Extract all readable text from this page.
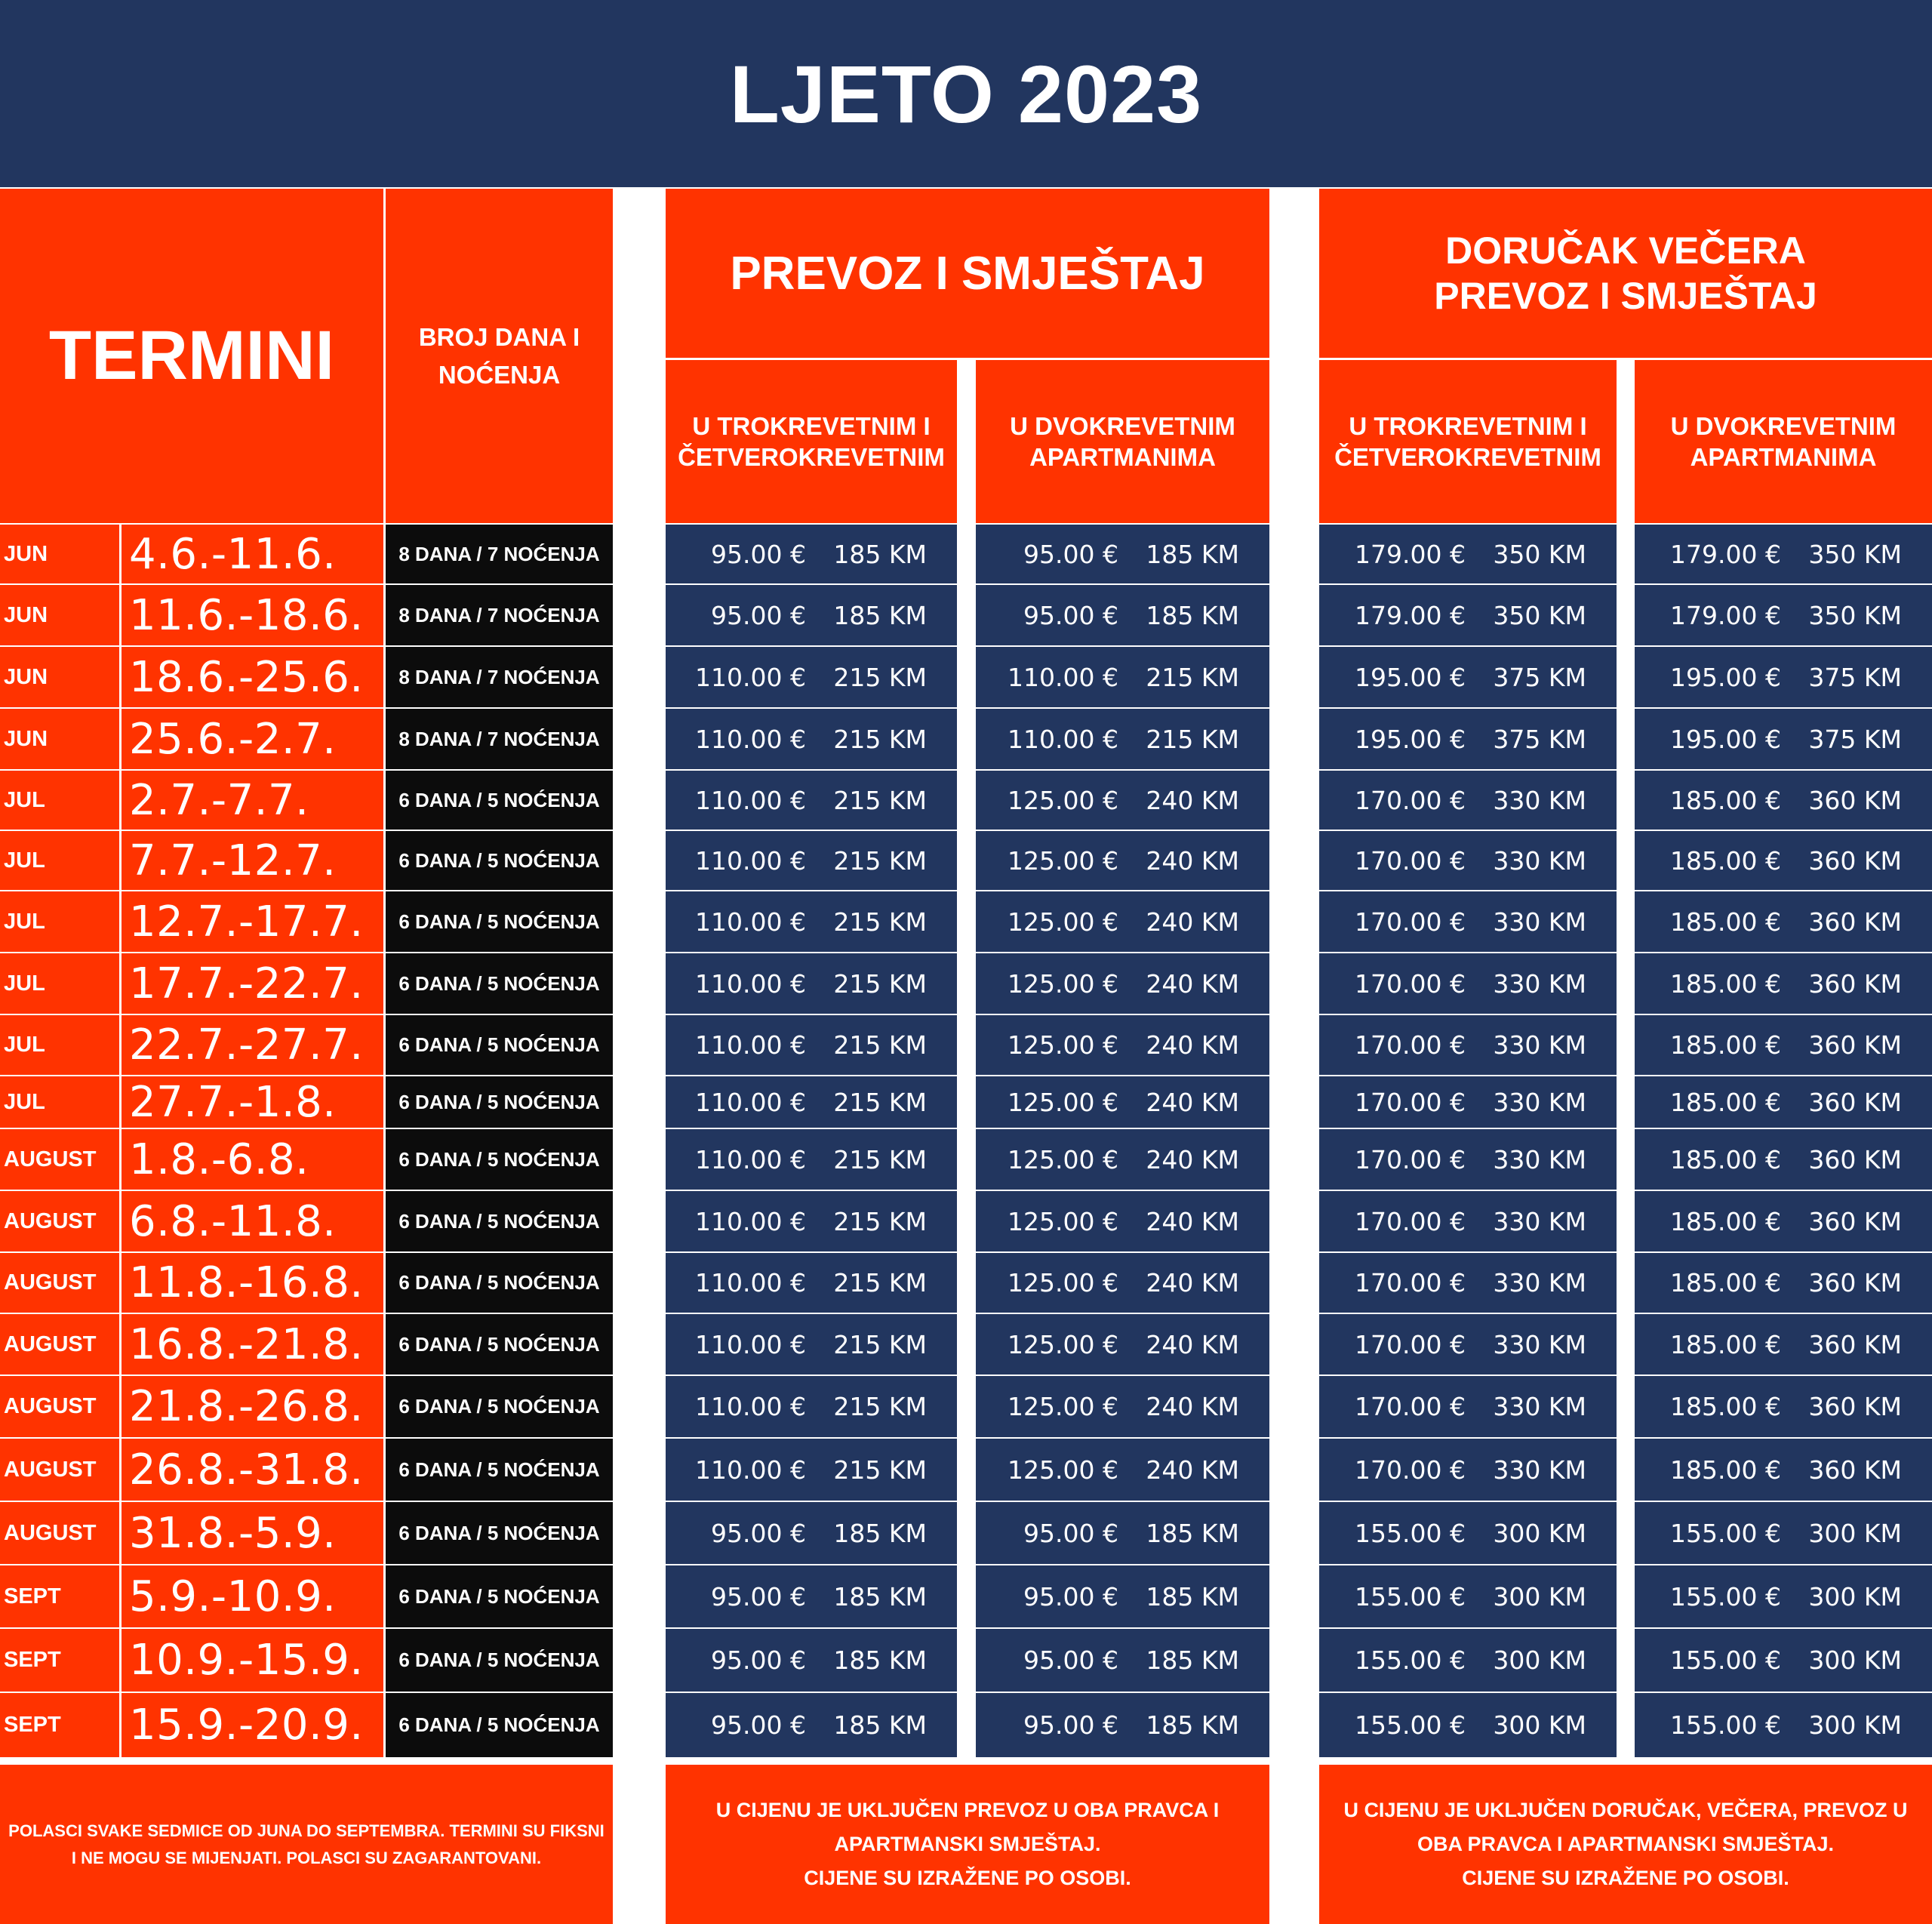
LJETO 2023
TERMINI	BROJ DANA I
NOĆENJA
PREVOZ I SMJEŠTAJ	DORUČAK VEČERA
PREVOZ I SMJEŠTAJ
U TROKREVETNIM I
ČETVEROKREVETNIM
U DVOKREVETNIM
APARTMANIMA
U TROKREVETNIM I
ČETVEROKREVETNIM
U DVOKREVETNIM
APARTMANIMA
JUN	4.6.-11.6.	8 DANA / 7 NOĆENJA	95.00 € 185 KM	95.00 € 185 KM	179.00 € 350 KM	179.00 € 350 KM
JUN	11.6.-18.6.	8 DANA / 7 NOĆENJA	95.00 € 185 KM	95.00 € 185 KM	179.00 € 350 KM	179.00 € 350 KM
JUN	18.6.-25.6.	8 DANA / 7 NOĆENJA	110.00 € 215 KM	110.00 € 215 KM	195.00 € 375 KM	195.00 € 375 KM
JUN	25.6.-2.7.	8 DANA / 7 NOĆENJA	110.00 € 215 KM	110.00 € 215 KM	195.00 € 375 KM	195.00 € 375 KM
JUL	2.7.-7.7.	6 DANA / 5 NOĆENJA	110.00 € 215 KM	125.00 € 240 KM	170.00 € 330 KM	185.00 € 360 KM
JUL	7.7.-12.7.	6 DANA / 5 NOĆENJA	110.00 € 215 KM	125.00 € 240 KM	170.00 € 330 KM	185.00 € 360 KM
JUL	12.7.-17.7.	6 DANA / 5 NOĆENJA	110.00 € 215 KM	125.00 € 240 KM	170.00 € 330 KM	185.00 € 360 KM
JUL	17.7.-22.7.	6 DANA / 5 NOĆENJA	110.00 € 215 KM	125.00 € 240 KM	170.00 € 330 KM	185.00 € 360 KM
JUL	22.7.-27.7.	6 DANA / 5 NOĆENJA	110.00 € 215 KM	125.00 € 240 KM	170.00 € 330 KM	185.00 € 360 KM
JUL	27.7.-1.8.	6 DANA / 5 NOĆENJA	110.00 € 215 KM	125.00 € 240 KM	170.00 € 330 KM	185.00 € 360 KM
AUGUST 1.8.-6.8.	6 DANA / 5 NOĆENJA	110.00 € 215 KM	125.00 € 240 KM	170.00 € 330 KM	185.00 € 360 KM
AUGUST 6.8.-11.8.	6 DANA / 5 NOĆENJA	110.00 € 215 KM	125.00 € 240 KM	170.00 € 330 KM	185.00 € 360 KM
AUGUST 11.8.-16.8.	6 DANA / 5 NOĆENJA	110.00 € 215 KM	125.00 € 240 KM	170.00 € 330 KM	185.00 € 360 KM
AUGUST 16.8.-21.8.	6 DANA / 5 NOĆENJA	110.00 € 215 KM	125.00 € 240 KM	170.00 € 330 KM	185.00 € 360 KM
AUGUST 21.8.-26.8.	6 DANA / 5 NOĆENJA	110.00 € 215 KM	125.00 € 240 KM	170.00 € 330 KM	185.00 € 360 KM
AUGUST 26.8.-31.8.	6 DANA / 5 NOĆENJA	110.00 € 215 KM	125.00 € 240 KM	170.00 € 330 KM	185.00 € 360 KM
AUGUST 31.8.-5.9.	6 DANA / 5 NOĆENJA	95.00 € 185 KM	95.00 € 185 KM	155.00 € 300 KM	155.00 € 300 KM
SEPT	5.9.-10.9.	6 DANA / 5 NOĆENJA	95.00 € 185 KM	95.00 € 185 KM	155.00 € 300 KM	155.00 € 300 KM
SEPT	10.9.-15.9.	6 DANA / 5 NOĆENJA	95.00 € 185 KM	95.00 € 185 KM	155.00 € 300 KM	155.00 € 300 KM
SEPT	15.9.-20.9.	6 DANA / 5 NOĆENJA	95.00 € 185 KM	95.00 € 185 KM	155.00 € 300 KM	155.00 € 300 KM
POLASCI SVAKE SEDMICE OD JUNA DO SEPTEMBRA. TERMINI SU FIKSNI
I NE MOGU SE MIJENJATI. POLASCI SU ZAGARANTOVANI.
U CIJENU JE UKLJUČEN PREVOZ U OBA PRAVCA I
APARTMANSKI SMJEŠTAJ.
CIJENE SU IZRAŽENE PO OSOBI.
U CIJENU JE UKLJUČEN DORUČAK, VEČERA, PREVOZ U
OBA PRAVCA I APARTMANSKI SMJEŠTAJ.
CIJENE SU IZRAŽENE PO OSOBI.
